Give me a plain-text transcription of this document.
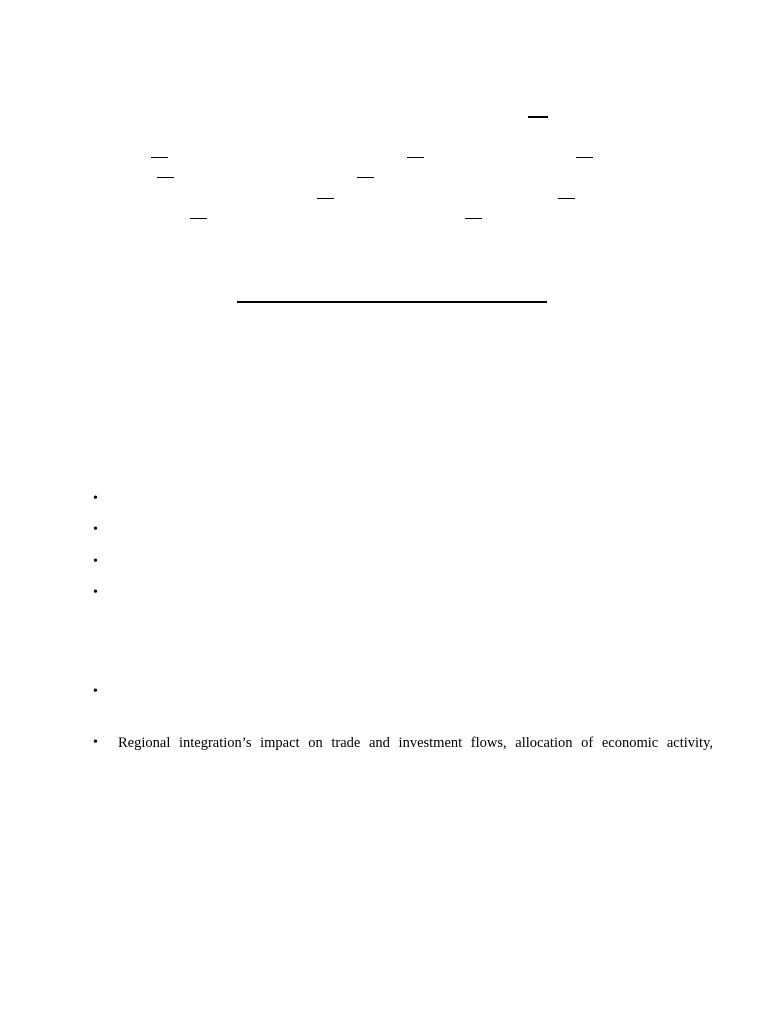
•
•
•
•
•
•	Regional integration’s impact on trade and investment flows, allocation of economic activity,
